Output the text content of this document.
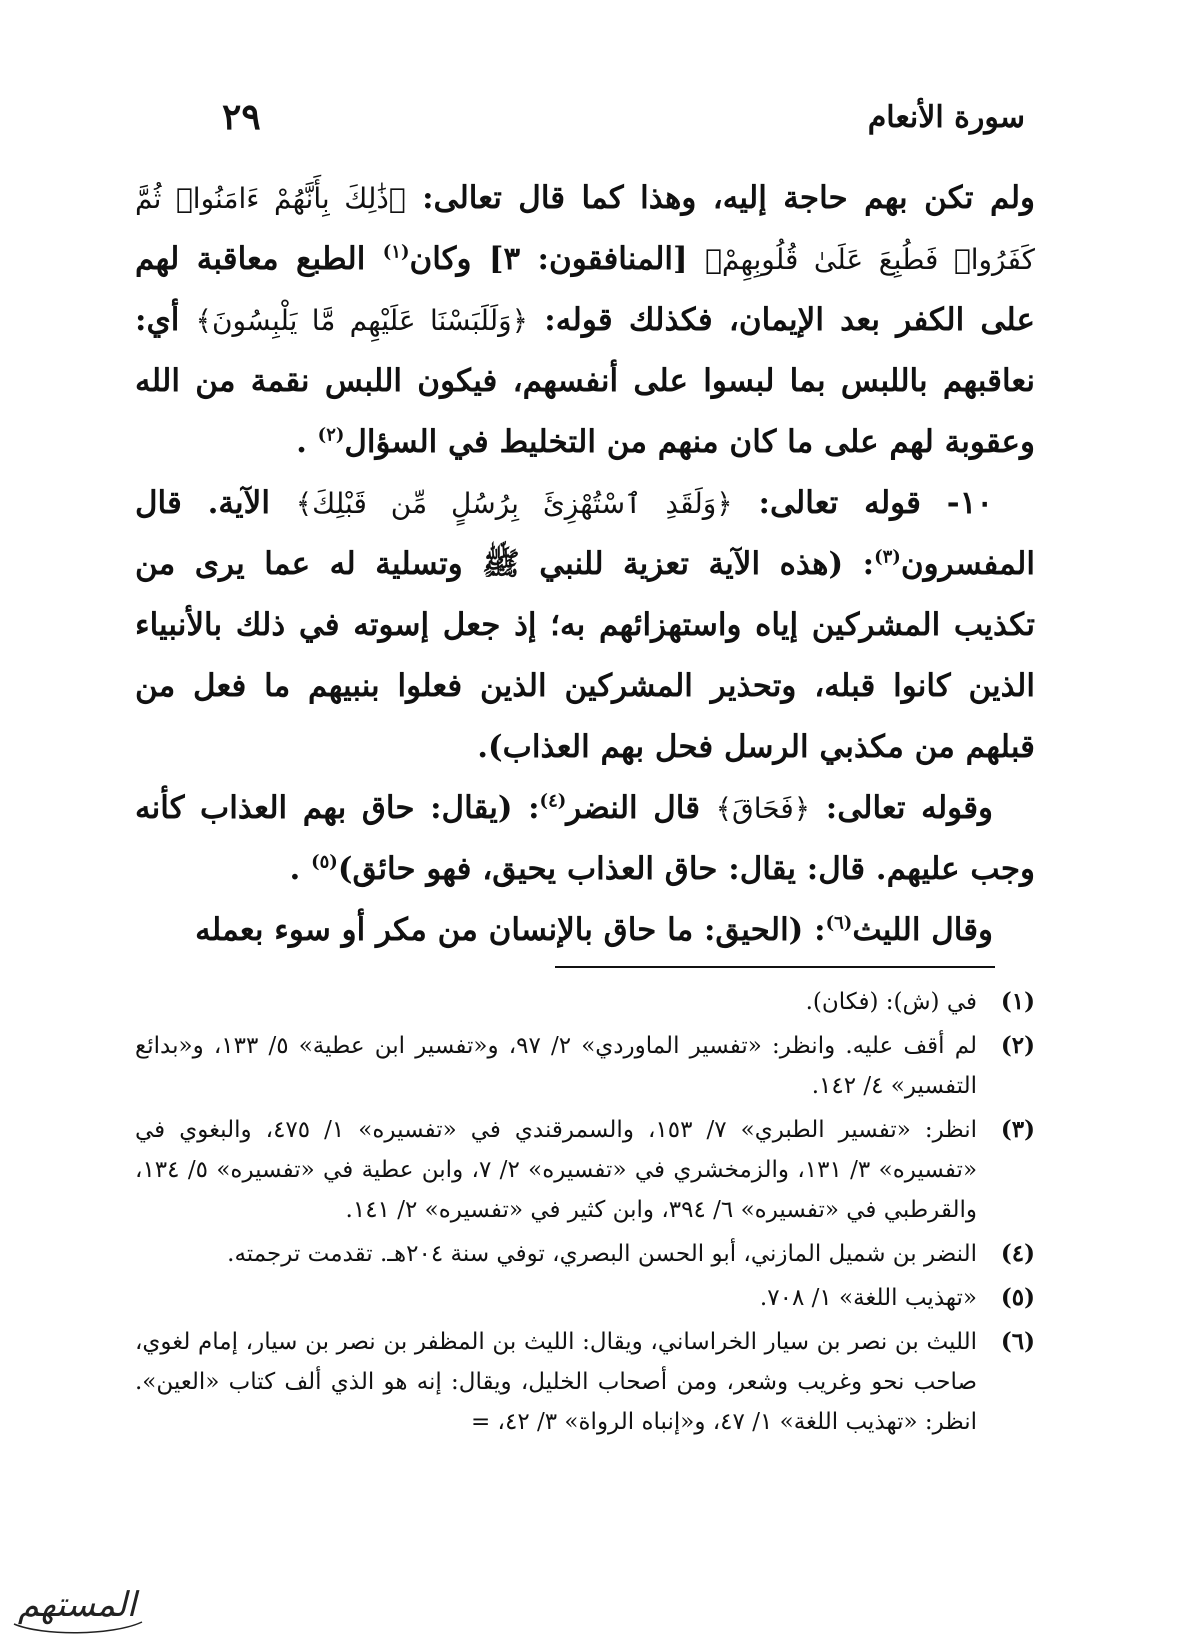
٢٩	سورة الأنعام

ولم تكن بهم حاجة إليه، وهذا كما قال تعالى: ﴿ذَٰلِكَ بِأَنَّهُمْ ءَامَنُوا۟ ثُمَّ كَفَرُوا۟ فَطُبِعَ عَلَىٰ قُلُوبِهِمْ﴾ [المنافقون: ٣] وكان$^{(١)}$ الطبع معاقبة لهم على الكفر بعد الإيمان، فكذلك قوله: ﴿وَلَلَبَسْنَا عَلَيْهِم مَّا يَلْبِسُونَ﴾ أي: نعاقبهم باللبس بما لبسوا على أنفسهم، فيكون اللبس نقمة من الله وعقوبة لهم على ما كان منهم من التخليط في السؤال$^{(٢)}$ .

١٠- قوله تعالى: ﴿وَلَقَدِ ٱسْتُهْزِئَ بِرُسُلٍ مِّن قَبْلِكَ﴾ الآية. قال المفسرون$^{(٣)}$: (هذه الآية تعزية للنبي ﷺ وتسلية له عما يرى من تكذيب المشركين إياه واستهزائهم به؛ إذ جعل إسوته في ذلك بالأنبياء الذين كانوا قبله، وتحذير المشركين الذين فعلوا بنبيهم ما فعل من قبلهم من مكذبي الرسل فحل بهم العذاب).

وقوله تعالى: ﴿فَحَاقَ﴾ قال النضر$^{(٤)}$: (يقال: حاق بهم العذاب كأنه وجب عليهم. قال: يقال: حاق العذاب يحيق، فهو حائق)$^{(٥)}$ .

وقال الليث$^{(٦)}$: (الحيق: ما حاق بالإنسان من مكر أو سوء بعمله

(١)
في (ش): (فكان).
(٢)
لم أقف عليه. وانظر: «تفسير الماوردي» ٢/ ٩٧، و«تفسير ابن عطية» ٥/ ١٣٣، و«بدائع التفسير» ٤/ ١٤٢.
(٣)
انظر: «تفسير الطبري» ٧/ ١٥٣، والسمرقندي في «تفسيره» ١/ ٤٧٥، والبغوي في «تفسيره» ٣/ ١٣١، والزمخشري في «تفسيره» ٢/ ٧، وابن عطية في «تفسيره» ٥/ ١٣٤، والقرطبي في «تفسيره» ٦/ ٣٩٤، وابن كثير في «تفسيره» ٢/ ١٤١.
(٤)
النضر بن شميل المازني، أبو الحسن البصري، توفي سنة ٢٠٤هـ. تقدمت ترجمته.
(٥)
«تهذيب اللغة» ١/ ٧٠٨.
(٦)
الليث بن نصر بن سيار الخراساني، ويقال: الليث بن المظفر بن نصر بن سيار، إمام لغوي، صاحب نحو وغريب وشعر، ومن أصحاب الخليل، ويقال: إنه هو الذي ألف كتاب «العين». انظر: «تهذيب اللغة» ١/ ٤٧، و«إنباه الرواة» ٣/ ٤٢، =
المستهم
